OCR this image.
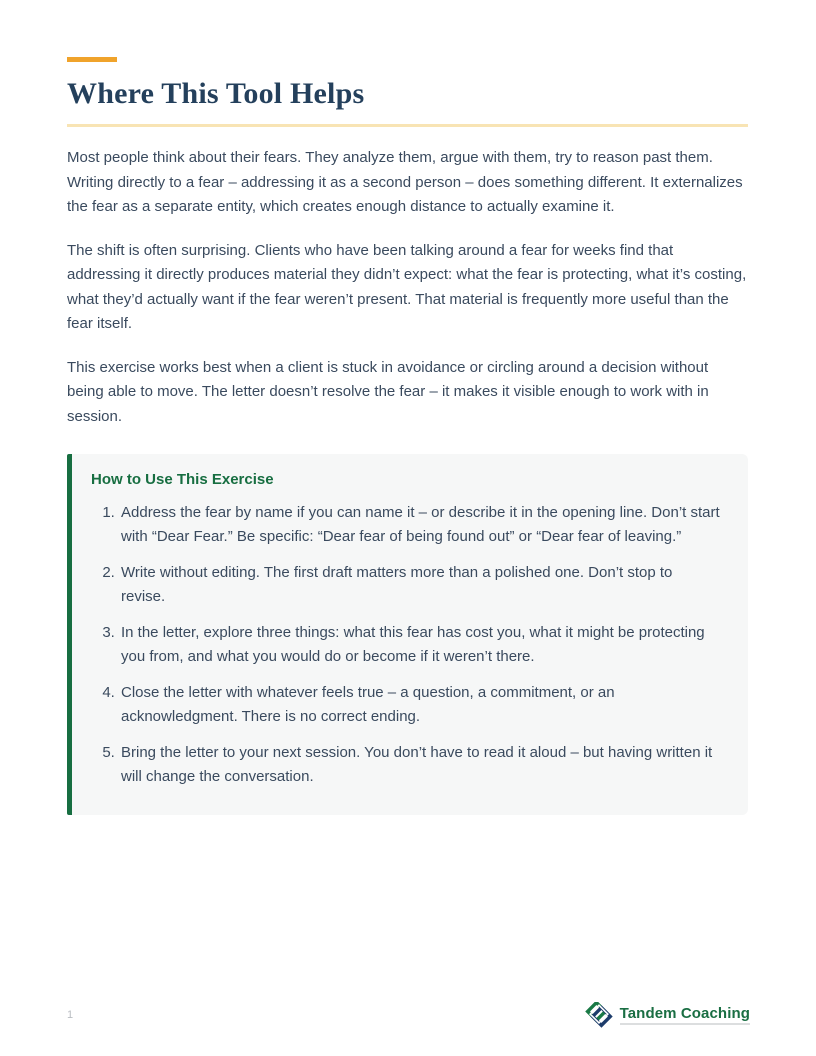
Where This Tool Helps

Most people think about their fears. They analyze them, argue with them, try to reason past them. Writing directly to a fear – addressing it as a second person – does something different. It externalizes the fear as a separate entity, which creates enough distance to actually examine it.

The shift is often surprising. Clients who have been talking around a fear for weeks find that addressing it directly produces material they didn’t expect: what the fear is protecting, what it’s costing, what they’d actually want if the fear weren’t present. That material is frequently more useful than the fear itself.

This exercise works best when a client is stuck in avoidance or circling around a decision without being able to move. The letter doesn’t resolve the fear – it makes it visible enough to work with in session.

How to Use This Exercise
1. Address the fear by name if you can name it – or describe it in the opening line. Don’t start with “Dear Fear.” Be specific: “Dear fear of being found out” or “Dear fear of leaving.”
2. Write without editing. The first draft matters more than a polished one. Don’t stop to revise.
3. In the letter, explore three things: what this fear has cost you, what it might be protecting you from, and what you would do or become if it weren’t there.
4. Close the letter with whatever feels true – a question, a commitment, or an acknowledgment. There is no correct ending.
5. Bring the letter to your next session. You don’t have to read it aloud – but having written it will change the conversation.
1	Tandem Coaching
